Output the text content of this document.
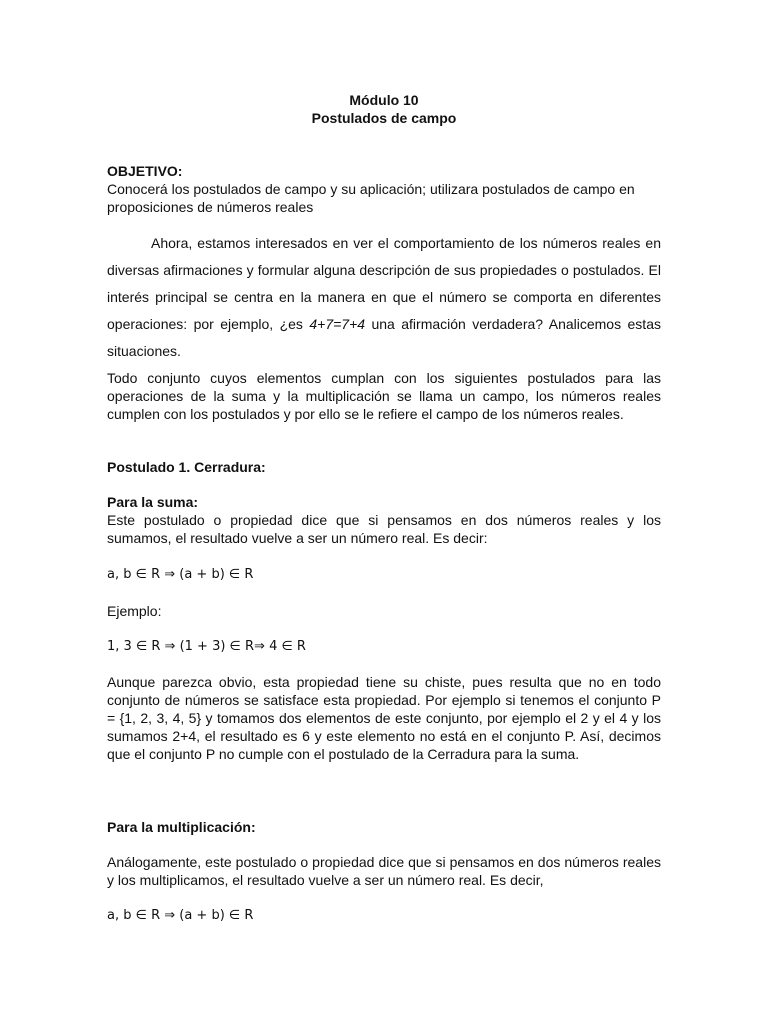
Módulo 10
Postulados de campo
OBJETIVO:
Conocerá los postulados de campo y su aplicación; utilizara postulados de campo en proposiciones de números reales
Ahora, estamos interesados en ver el comportamiento de los números reales en diversas afirmaciones y formular alguna descripción de sus propiedades o postulados. El interés principal se centra en la manera en que el número se comporta en diferentes operaciones: por ejemplo, ¿es 4+7=7+4 una afirmación verdadera? Analicemos estas situaciones.
Todo conjunto cuyos elementos cumplan con los siguientes postulados para las operaciones de la suma y la multiplicación se llama un campo, los números reales cumplen con los postulados y por ello se le refiere el campo de los números reales.
Postulado 1. Cerradura:
Para la suma:
Este postulado o propiedad dice que si pensamos en dos números reales y los sumamos, el resultado vuelve a ser un número real. Es decir:
a, b ∈ R ⇒ (a + b) ∈ R
Ejemplo:
1, 3 ∈ R ⇒ (1 + 3) ∈ R⇒ 4 ∈ R
Aunque parezca obvio, esta propiedad tiene su chiste, pues resulta que no en todo conjunto de números se satisface esta propiedad. Por ejemplo si tenemos el conjunto P = {1, 2, 3, 4, 5} y tomamos dos elementos de este conjunto, por ejemplo el 2 y el 4 y los sumamos 2+4, el resultado es 6 y este elemento no está en el conjunto P. Así, decimos que el conjunto P no cumple con el postulado de la Cerradura para la suma.
Para la multiplicación:
Análogamente, este postulado o propiedad dice que si pensamos en dos números reales y los multiplicamos, el resultado vuelve a ser un número real. Es decir,
a, b ∈ R ⇒ (a + b) ∈ R
